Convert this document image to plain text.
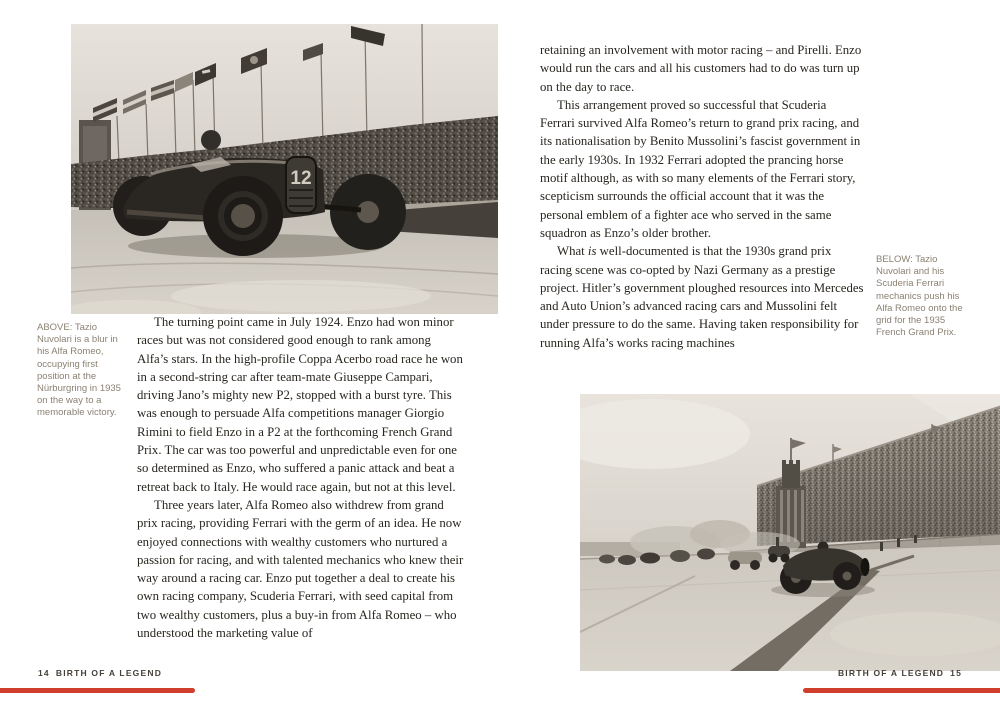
12
ABOVE: Tazio Nuvolari is a blur in his Alfa Romeo, occupying first position at the Nürburgring in 1935 on the way to a memorable victory.

The turning point came in July 1924. Enzo had won minor races but was not considered good enough to rank among Alfa’s stars. In the high-profile Coppa Acerbo road race he won in a second-string car after team-mate Giuseppe Campari, driving Jano’s mighty new P2, stopped with a burst tyre. This was enough to persuade Alfa competitions manager Giorgio Rimini to field Enzo in a P2 at the forthcoming French Grand Prix. The car was too powerful and unpredictable even for one so determined as Enzo, who suffered a panic attack and beat a retreat back to Italy. He would race again, but not at this level.

Three years later, Alfa Romeo also withdrew from grand prix racing, providing Ferrari with the germ of an idea. He now enjoyed connections with wealthy customers who nurtured a passion for racing, and with talented mechanics who knew their way around a racing car. Enzo put together a deal to create his own racing company, Scuderia Ferrari, with seed capital from two wealthy customers, plus a buy-in from Alfa Romeo – who understood the marketing value of

14 BIRTH OF A LEGEND

retaining an involvement with motor racing – and Pirelli. Enzo would run the cars and all his customers had to do was turn up on the day to race.

This arrangement proved so successful that Scuderia Ferrari survived Alfa Romeo’s return to grand prix racing, and its nationalisation by Benito Mussolini’s fascist government in the early 1930s. In 1932 Ferrari adopted the prancing horse motif although, as with so many elements of the Ferrari story, scepticism surrounds the official account that it was the personal emblem of a fighter ace who served in the same squadron as Enzo’s older brother.

What is well-documented is that the 1930s grand prix racing scene was co-opted by Nazi Germany as a prestige project. Hitler’s government ploughed resources into Mercedes and Auto Union’s advanced racing cars and Mussolini felt under pressure to do the same. Having taken responsibility for running Alfa’s works racing machines

BELOW: Tazio Nuvolari and his Scuderia Ferrari mechanics push his Alfa Romeo onto the grid for the 1935 French Grand Prix.
BIRTH OF A LEGEND 15
